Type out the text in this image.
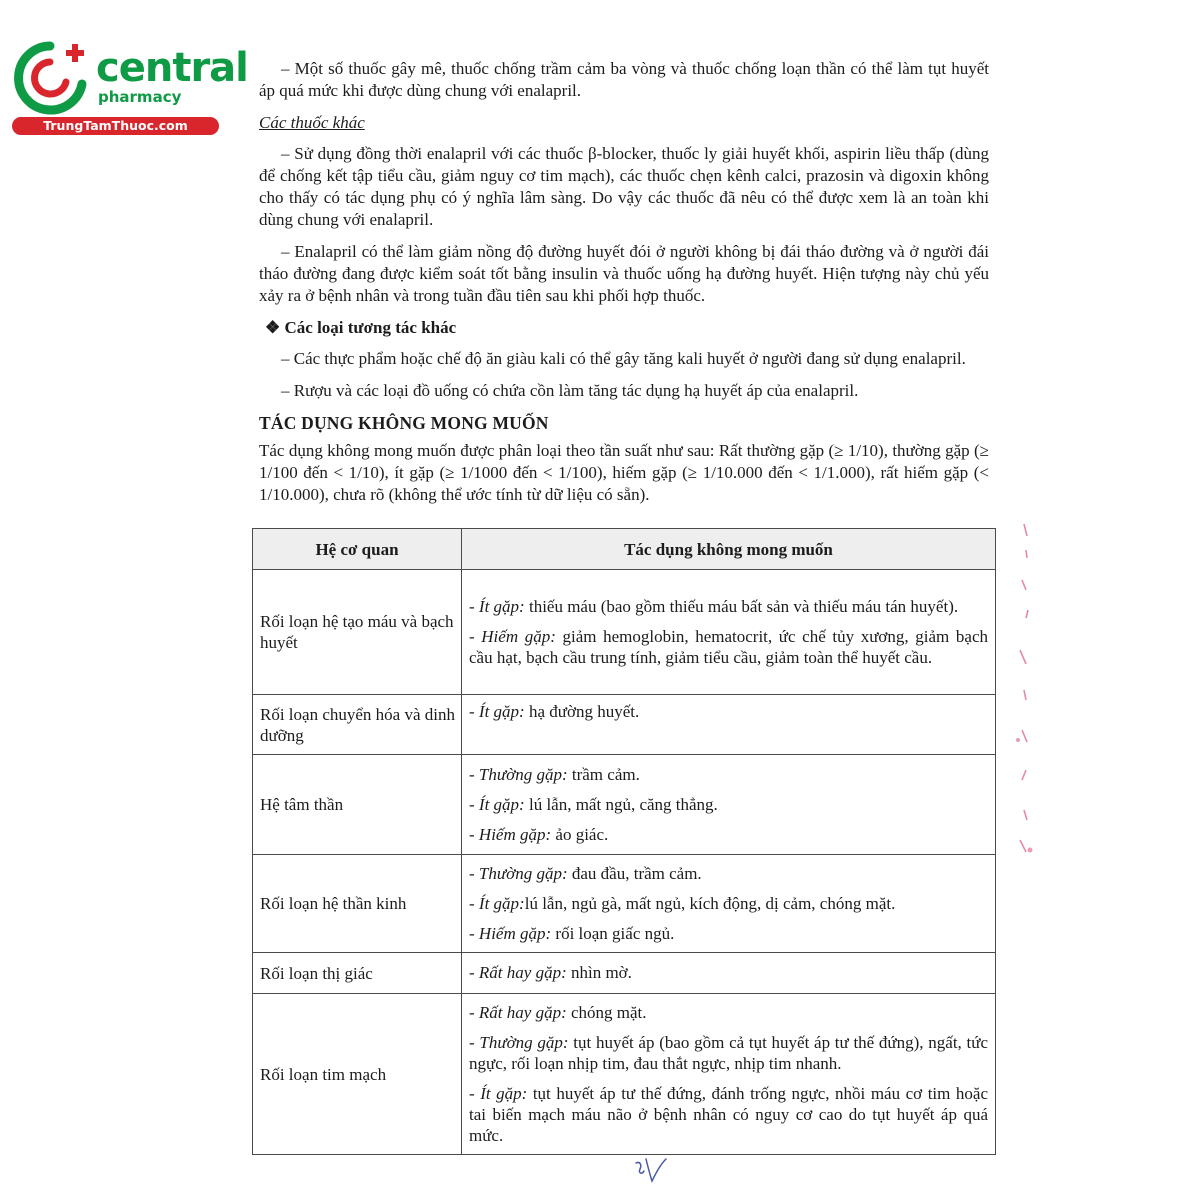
central
pharmacy
TrungTamThuoc.com

– Một số thuốc gây mê, thuốc chống trầm cảm ba vòng và thuốc chống loạn thần có thể làm tụt huyết áp quá mức khi được dùng chung với enalapril.

Các thuốc khác

– Sử dụng đồng thời enalapril với các thuốc β-blocker, thuốc ly giải huyết khối, aspirin liều thấp (dùng để chống kết tập tiểu cầu, giảm nguy cơ tim mạch), các thuốc chẹn kênh calci, prazosin và digoxin không cho thấy có tác dụng phụ có ý nghĩa lâm sàng. Do vậy các thuốc đã nêu có thể được xem là an toàn khi dùng chung với enalapril.

– Enalapril có thể làm giảm nồng độ đường huyết đói ở người không bị đái tháo đường và ở người đái tháo đường đang được kiểm soát tốt bằng insulin và thuốc uống hạ đường huyết. Hiện tượng này chủ yếu xảy ra ở bệnh nhân và trong tuần đầu tiên sau khi phối hợp thuốc.

❖ Các loại tương tác khác

– Các thực phẩm hoặc chế độ ăn giàu kali có thể gây tăng kali huyết ở người đang sử dụng enalapril.

– Rượu và các loại đồ uống có chứa cồn làm tăng tác dụng hạ huyết áp của enalapril.

TÁC DỤNG KHÔNG MONG MUỐN

Tác dụng không mong muốn được phân loại theo tần suất như sau: Rất thường gặp (≥ 1/10), thường gặp (≥ 1/100 đến < 1/10), ít gặp (≥ 1/1000 đến < 1/100), hiếm gặp (≥ 1/10.000 đến < 1/1.000), rất hiếm gặp (< 1/10.000), chưa rõ (không thể ước tính từ dữ liệu có sẵn).

Hệ cơ quan	Tác dụng không mong muốn
Rối loạn hệ tạo máu và bạch huyết	- Ít gặp: thiếu máu (bao gồm thiếu máu bất sản và thiếu máu tán huyết).
- Hiếm gặp: giảm hemoglobin, hematocrit, ức chế tủy xương, giảm bạch cầu hạt, bạch cầu trung tính, giảm tiểu cầu, giảm toàn thể huyết cầu.

Rối loạn chuyển hóa và dinh dưỡng	- Ít gặp: hạ đường huyết.

Hệ tâm thần	- Thường gặp: trầm cảm.
- Ít gặp: lú lẫn, mất ngủ, căng thẳng.
- Hiếm gặp: ảo giác.

Rối loạn hệ thần kinh	- Thường gặp: đau đầu, trầm cảm.
- Ít gặp:lú lẫn, ngủ gà, mất ngủ, kích động, dị cảm, chóng mặt.
- Hiếm gặp: rối loạn giấc ngủ.

Rối loạn thị giác	- Rất hay gặp: nhìn mờ.

Rối loạn tim mạch	- Rất hay gặp: chóng mặt.
- Thường gặp: tụt huyết áp (bao gồm cả tụt huyết áp tư thế đứng), ngất, tức ngực, rối loạn nhịp tim, đau thắt ngực, nhịp tim nhanh.
- Ít gặp: tụt huyết áp tư thế đứng, đánh trống ngực, nhồi máu cơ tim hoặc tai biến mạch máu não ở bệnh nhân có nguy cơ cao do tụt huyết áp quá mức.
